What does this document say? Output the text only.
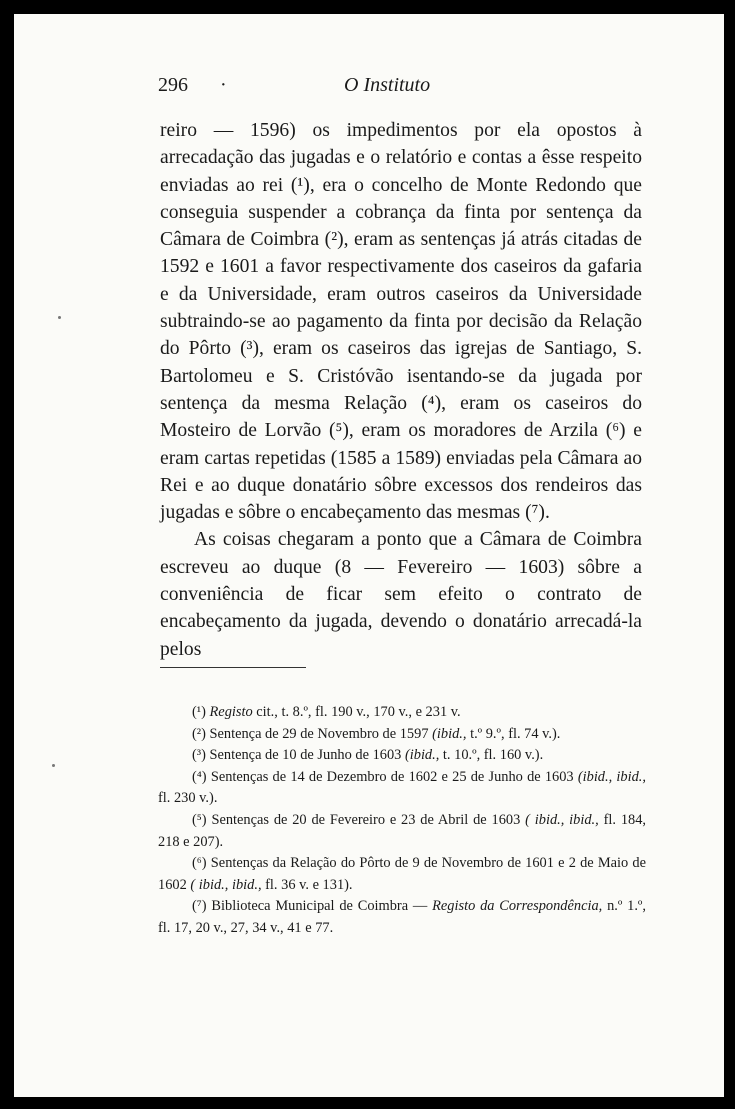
296 ·	O Instituto

reiro — 1596) os impedimentos por ela opostos à arrecadação das jugadas e o relatório e contas a êsse respeito enviadas ao rei (¹), era o concelho de Monte Redondo que conseguia suspender a cobrança da finta por sentença da Câmara de Coimbra (²), eram as sentenças já atrás citadas de 1592 e 1601 a favor respectivamente dos caseiros da gafaria e da Universidade, eram outros caseiros da Universidade subtraindo-se ao pagamento da finta por decisão da Relação do Pôrto (³), eram os caseiros das igrejas de Santiago, S. Bartolomeu e S. Cristóvão isentando-se da jugada por sentença da mesma Relação (⁴), eram os caseiros do Mosteiro de Lorvão (⁵), eram os moradores de Arzila (⁶) e eram cartas repetidas (1585 a 1589) enviadas pela Câmara ao Rei e ao duque donatário sôbre excessos dos rendeiros das jugadas e sôbre o encabeçamento das mesmas (⁷).

As coisas chegaram a ponto que a Câmara de Coimbra escreveu ao duque (8 — Fevereiro — 1603) sôbre a conveniência de ficar sem efeito o contrato de encabeçamento da jugada, devendo o donatário arrecadá-la pelos

(¹) Registo cit., t. 8.º, fl. 190 v., 170 v., e 231 v.

(²) Sentença de 29 de Novembro de 1597 (ibid., t.º 9.º, fl. 74 v.).

(³) Sentença de 10 de Junho de 1603 (ibid., t. 10.º, fl. 160 v.).

(⁴) Sentenças de 14 de Dezembro de 1602 e 25 de Junho de 1603 (ibid., ibid., fl. 230 v.).

(⁵) Sentenças de 20 de Fevereiro e 23 de Abril de 1603 ( ibid., ibid., fl. 184, 218 e 207).

(⁶) Sentenças da Relação do Pôrto de 9 de Novembro de 1601 e 2 de Maio de 1602 ( ibid., ibid., fl. 36 v. e 131).

(⁷) Biblioteca Municipal de Coimbra — Registo da Correspondência, n.º 1.º, fl. 17, 20 v., 27, 34 v., 41 e 77.
